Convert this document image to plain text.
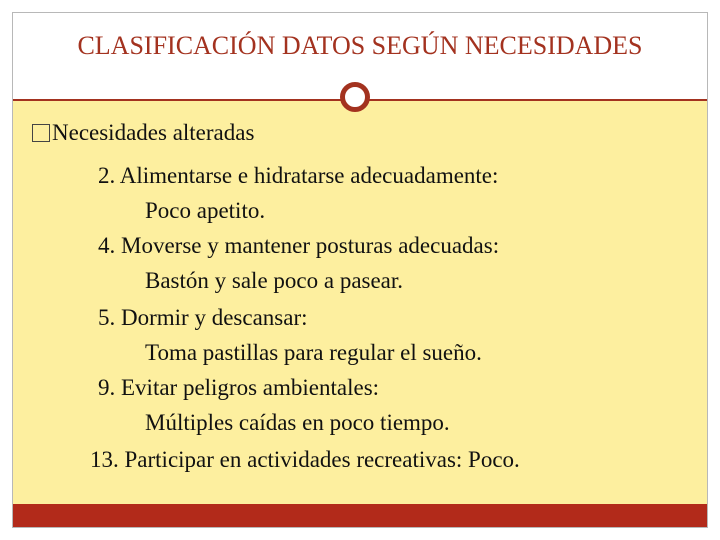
CLASIFICACIÓN DATOS SEGÚN NECESIDADES
Necesidades alteradas
2. Alimentarse e hidratarse adecuadamente:
Poco apetito.
4. Moverse y mantener posturas adecuadas:
Bastón y sale poco a pasear.
5. Dormir y descansar:
Toma pastillas para regular el sueño.
9. Evitar peligros ambientales:
Múltiples caídas en poco tiempo.
13. Participar en actividades recreativas: Poco.
